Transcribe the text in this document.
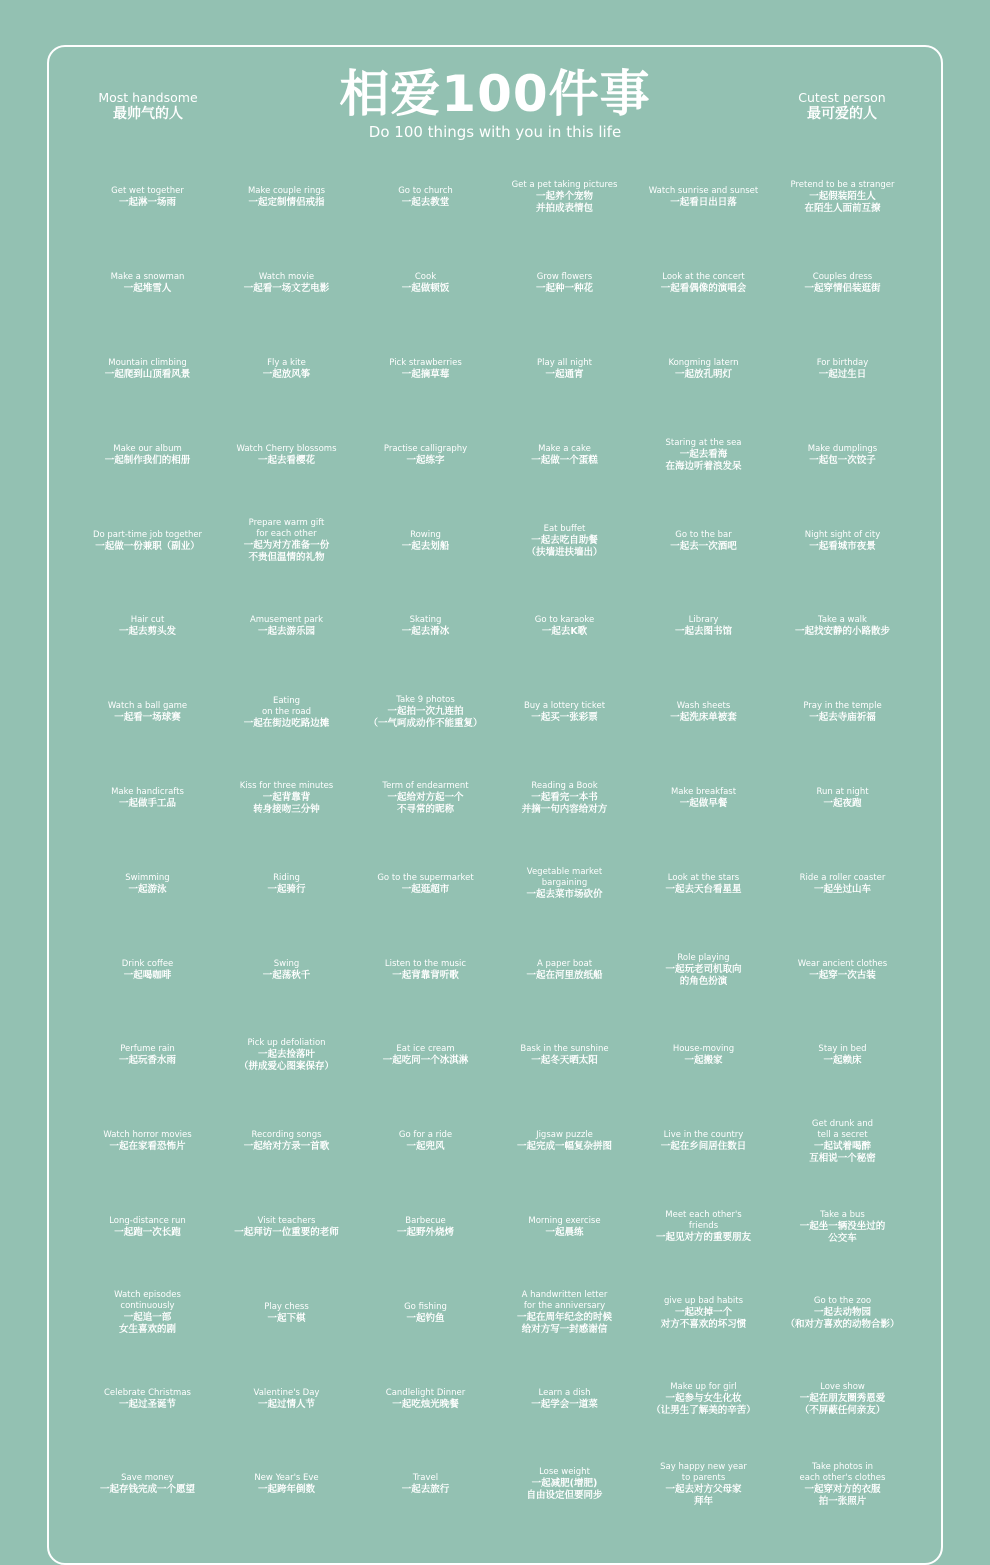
Most handsome
最帅气的人	相爱100件事
Do 100 things with you in this life
Cutest person
最可爱的人
Get wet together
一起淋一场雨
Make couple rings
一起定制情侣戒指
Go to church
一起去教堂
Get a pet taking pictures
一起养个宠物
并拍成表情包
Watch sunrise and sunset
一起看日出日落
Pretend to be a stranger
一起假装陌生人
在陌生人面前互撩
Make a snowman
一起堆雪人
Watch movie
一起看一场文艺电影
Cook
一起做顿饭
Grow flowers
一起种一种花
Look at the concert
一起看偶像的演唱会
Couples dress
一起穿情侣装逛街
Mountain climbing
一起爬到山顶看风景
Fly a kite
一起放风筝
Pick strawberries
一起摘草莓
Play all night
一起通宵
Kongming latern
一起放孔明灯
For birthday
一起过生日
Make our album
一起制作我们的相册
Watch Cherry blossoms
一起去看樱花
Practise calligraphy
一起练字
Make a cake
一起做一个蛋糕
Staring at the sea
一起去看海
在海边听着浪发呆
Make dumplings
一起包一次饺子
Do part-time job together
一起做一份兼职（副业）
Prepare warm gift
for each other
一起为对方准备一份
不贵但温情的礼物
Rowing
一起去划船
Eat buffet
一起去吃自助餐
（扶墙进扶墙出）
Go to the bar
一起去一次酒吧
Night sight of city
一起看城市夜景
Hair cut
一起去剪头发
Amusement park
一起去游乐园
Skating
一起去滑冰
Go to karaoke
一起去K歌
Library
一起去图书馆
Take a walk
一起找安静的小路散步
Watch a ball game
一起看一场球赛
Eating
on the road
一起在街边吃路边摊
Take 9 photos
一起拍一次九连拍
（一气呵成动作不能重复）
Buy a lottery ticket
一起买一张彩票
Wash sheets
一起洗床单被套
Pray in the temple
一起去寺庙祈福
Make handicrafts
一起做手工品
Kiss for three minutes
一起背靠背
转身接吻三分钟
Term of endearment
一起给对方起一个
不寻常的昵称
Reading a Book
一起看完一本书
并摘一句内容给对方
Make breakfast
一起做早餐
Run at night
一起夜跑
Swimming
一起游泳
Riding
一起骑行
Go to the supermarket
一起逛超市
Vegetable market
bargaining
一起去菜市场砍价
Look at the stars
一起去天台看星星
Ride a roller coaster
一起坐过山车
Drink coffee
一起喝咖啡
Swing
一起荡秋千
Listen to the music
一起背靠背听歌
A paper boat
一起在河里放纸船
Role playing
一起玩老司机取向
的角色扮演
Wear ancient clothes
一起穿一次古装
Perfume rain
一起玩香水雨
Pick up defoliation
一起去捡落叶
（拼成爱心图案保存）
Eat ice cream
一起吃同一个冰淇淋
Bask in the sunshine
一起冬天晒太阳
House-moving
一起搬家
Stay in bed
一起赖床
Watch horror movies
一起在家看恐怖片
Recording songs
一起给对方录一首歌
Go for a ride
一起兜风
Jigsaw puzzle
一起完成一幅复杂拼图
Live in the country
一起在乡间居住数日
Get drunk and
tell a secret
一起试着喝醉
互相说一个秘密
Long-distance run
一起跑一次长跑
Visit teachers
一起拜访一位重要的老师
Barbecue
一起野外烧烤
Morning exercise
一起晨练
Meet each other's
friends
一起见对方的重要朋友
Take a bus
一起坐一辆没坐过的
公交车
Watch episodes
continuously
一起追一部
女生喜欢的剧
Play chess
一起下棋
Go fishing
一起钓鱼
A handwritten letter
for the anniversary
一起在周年纪念的时候
给对方写一封感谢信
give up bad habits
一起改掉一个
对方不喜欢的坏习惯
Go to the zoo
一起去动物园
（和对方喜欢的动物合影）
Celebrate Christmas
一起过圣诞节
Valentine's Day
一起过情人节
Candlelight Dinner
一起吃烛光晚餐
Learn a dish
一起学会一道菜
Make up for girl
一起参与女生化妆
（让男生了解美的辛苦）
Love show
一起在朋友圈秀恩爱
（不屏蔽任何亲友）
Save money
一起存钱完成一个愿望
New Year's Eve
一起跨年倒数
Travel
一起去旅行
Lose weight
一起减肥(增肥)
自由设定但要同步
Say happy new year
to parents
一起去对方父母家
拜年
Take photos in
each other's clothes
一起穿对方的衣服
拍一张照片
